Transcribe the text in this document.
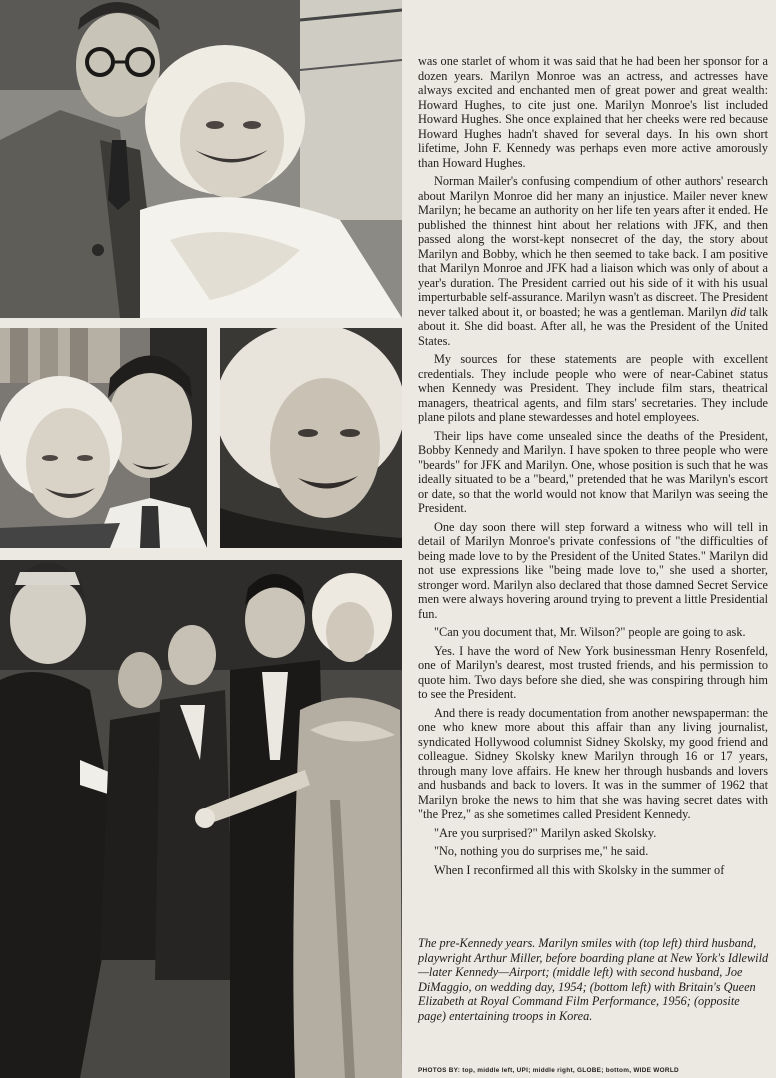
was one starlet of whom it was said that he had been her sponsor for a dozen years. Marilyn Monroe was an actress, and actresses have always excited and enchanted men of great power and great wealth: Howard Hughes, to cite just one. Marilyn Monroe's list included Howard Hughes. She once explained that her cheeks were red because Howard Hughes hadn't shaved for several days. In his own short lifetime, John F. Kennedy was perhaps even more active amorously than Howard Hughes.

Norman Mailer's confusing compendium of other authors' research about Marilyn Monroe did her many an injustice. Mailer never knew Marilyn; he became an authority on her life ten years after it ended. He published the thinnest hint about her relations with JFK, and then passed along the worst-kept nonsecret of the day, the story about Marilyn and Bobby, which he then seemed to take back. I am positive that Marilyn Monroe and JFK had a liaison which was only of about a year's duration. The President carried out his side of it with his usual imperturbable self-assurance. Marilyn wasn't as discreet. The President never talked about it, or boasted; he was a gentleman. Marilyn did talk about it. She did boast. After all, he was the President of the United States.

My sources for these statements are people with excellent credentials. They include people who were of near-Cabinet status when Kennedy was President. They include film stars, theatrical managers, theatrical agents, and film stars' secretaries. They include plane pilots and plane stewardesses and hotel employees.

Their lips have come unsealed since the deaths of the President, Bobby Kennedy and Marilyn. I have spoken to three people who were "beards" for JFK and Marilyn. One, whose position is such that he was ideally situated to be a "beard," pretended that he was Marilyn's escort or date, so that the world would not know that Marilyn was seeing the President.

One day soon there will step forward a witness who will tell in detail of Marilyn Monroe's private confessions of "the difficulties of being made love to by the President of the United States." Marilyn did not use expressions like "being made love to," she used a shorter, stronger word. Marilyn also declared that those damned Secret Service men were always hovering around trying to prevent a little Presidential fun.

"Can you document that, Mr. Wilson?" people are going to ask.

Yes. I have the word of New York businessman Henry Rosenfeld, one of Marilyn's dearest, most trusted friends, and his permission to quote him. Two days before she died, she was conspiring through him to see the President.

And there is ready documentation from another newspaperman: the one who knew more about this affair than any living journalist, syndicated Hollywood columnist Sidney Skolsky, my good friend and colleague. Sidney Skolsky knew Marilyn through 16 or 17 years, through many love affairs. He knew her through husbands and lovers and husbands and back to lovers. It was in the summer of 1962 that Marilyn broke the news to him that she was having secret dates with "the Prez," as she sometimes called President Kennedy.

"Are you surprised?" Marilyn asked Skolsky.

"No, nothing you do surprises me," he said.

When I reconfirmed all this with Skolsky in the summer of

The pre-Kennedy years. Marilyn smiles with (top left) third husband, playwright Arthur Miller, before boarding plane at New York's Idlewild—later Kennedy—Airport; (middle left) with second husband, Joe DiMaggio, on wedding day, 1954; (bottom left) with Britain's Queen Elizabeth at Royal Command Film Performance, 1956; (opposite page) entertaining troops in Korea.
PHOTOS BY: top, middle left, UPI; middle right, GLOBE; bottom, WIDE WORLD
